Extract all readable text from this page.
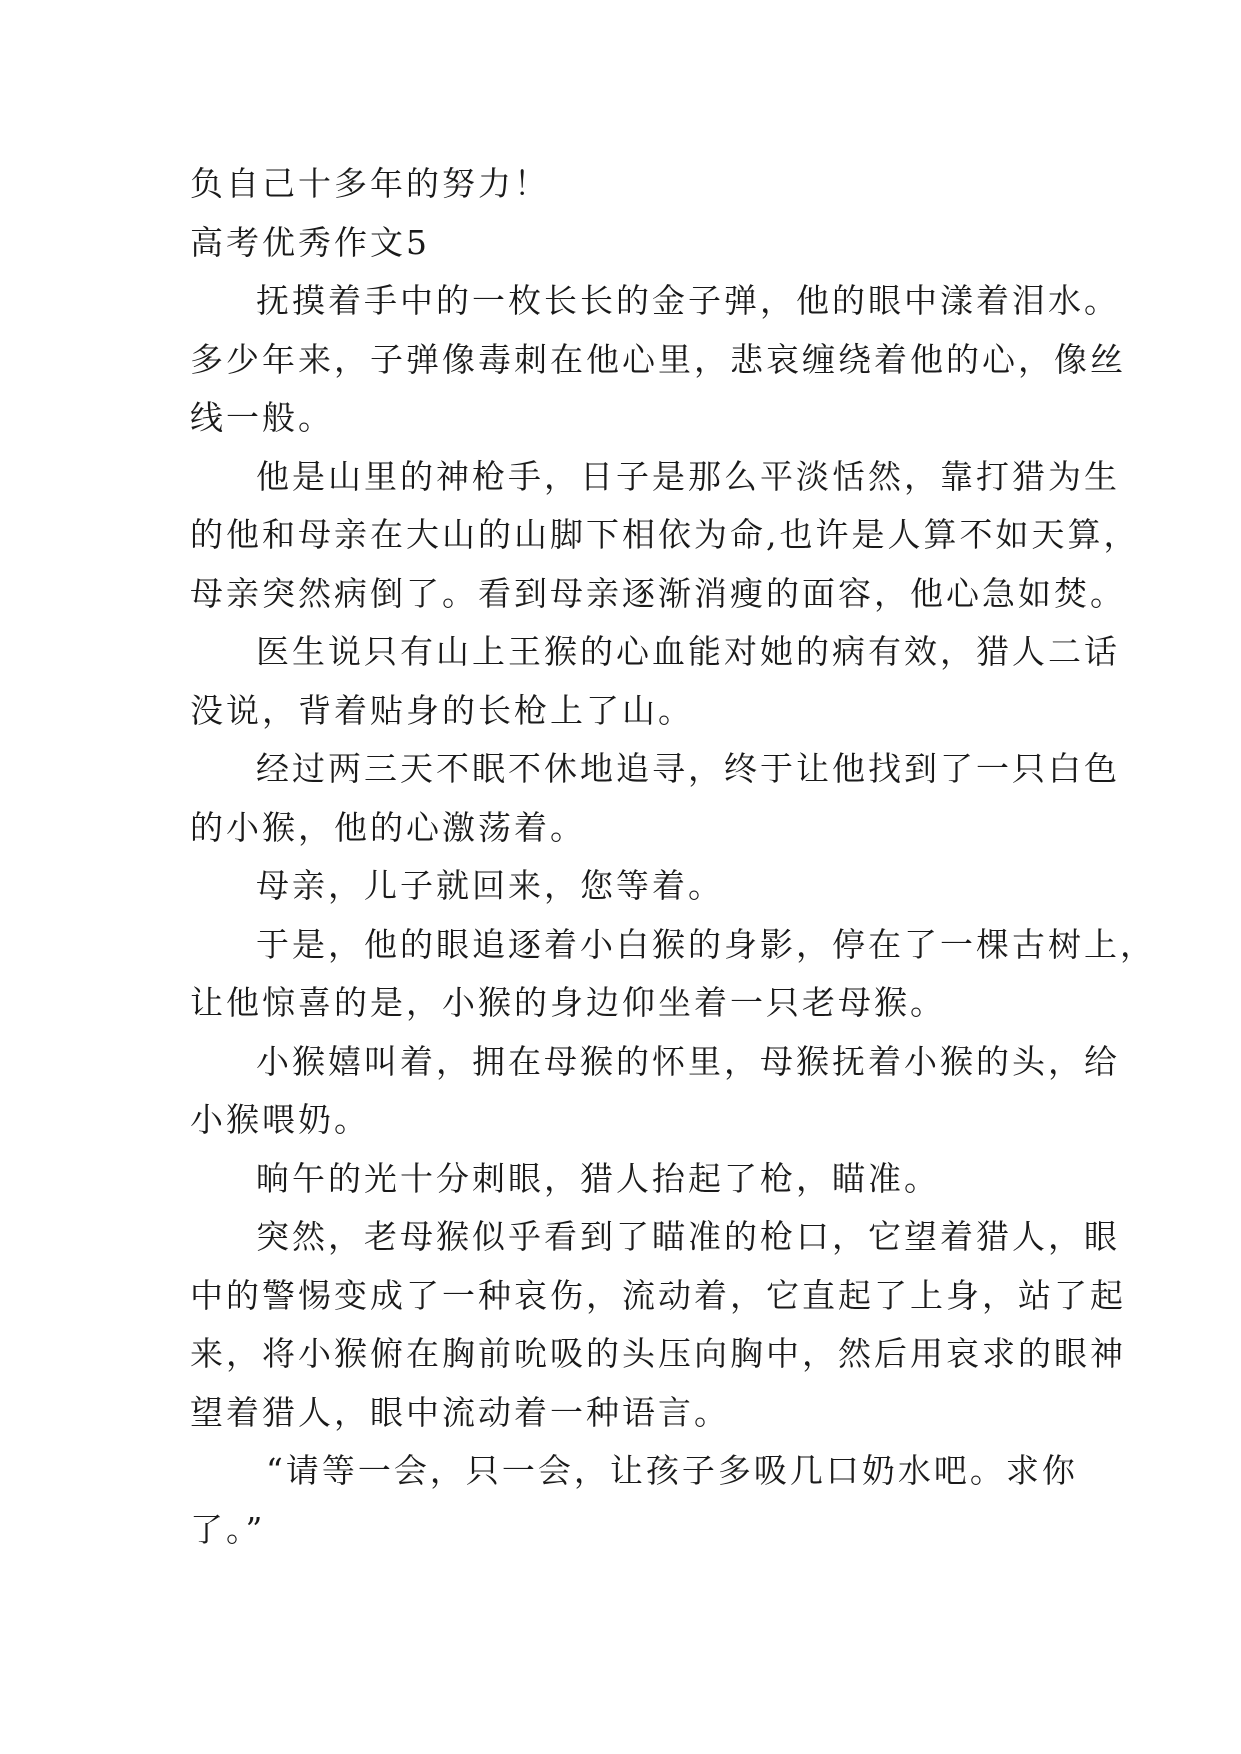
负自己十多年的努力！
高考优秀作文5
抚摸着手中的一枚长长的金子弹，他的眼中漾着泪水。
多少年来，子弹像毒刺在他心里，悲哀缠绕着他的心，像丝
线一般。
他是山里的神枪手，日子是那么平淡恬然，靠打猎为生
的他和母亲在大山的山脚下相依为命,也许是人算不如天算，
母亲突然病倒了。看到母亲逐渐消瘦的面容，他心急如焚。
医生说只有山上王猴的心血能对她的病有效，猎人二话
没说，背着贴身的长枪上了山。
经过两三天不眠不休地追寻，终于让他找到了一只白色
的小猴，他的心激荡着。
母亲，儿子就回来，您等着。
于是，他的眼追逐着小白猴的身影，停在了一棵古树上，
让他惊喜的是，小猴的身边仰坐着一只老母猴。
小猴嬉叫着，拥在母猴的怀里，母猴抚着小猴的头，给
小猴喂奶。
晌午的光十分刺眼，猎人抬起了枪，瞄准。
突然，老母猴似乎看到了瞄准的枪口，它望着猎人，眼
中的警惕变成了一种哀伤，流动着，它直起了上身，站了起
来，将小猴俯在胸前吮吸的头压向胸中，然后用哀求的眼神
望着猎人，眼中流动着一种语言。
“请等一会，只一会，让孩子多吸几口奶水吧。求你
了。”
